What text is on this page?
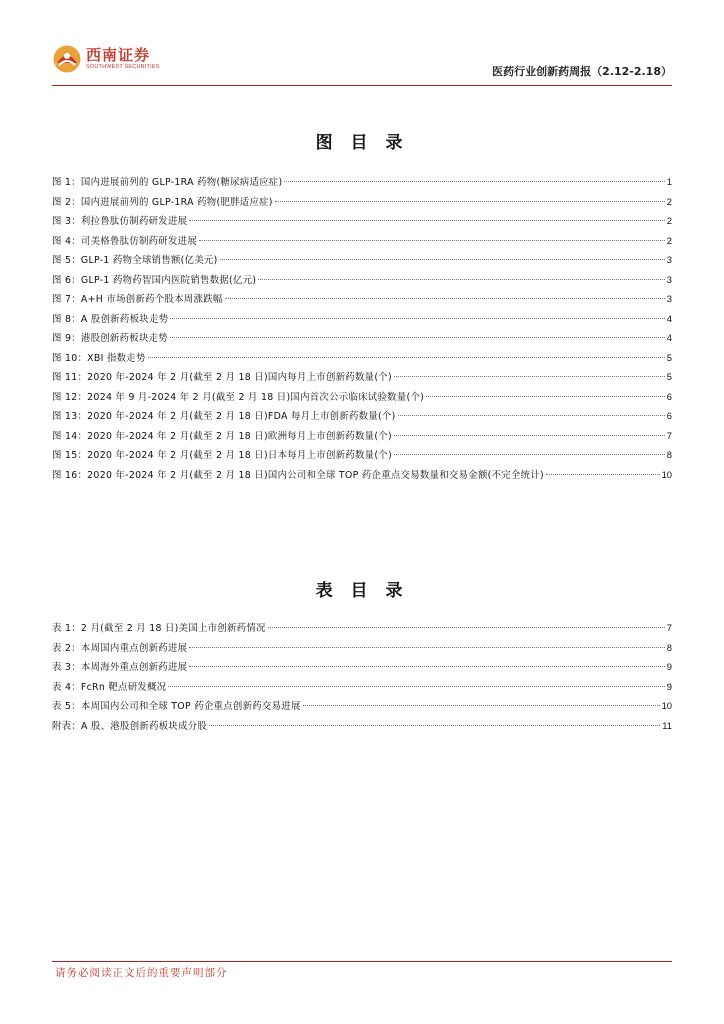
西南证券
SOUTHWEST SECURITIES	医药行业创新药周报（2.12-2.18）
图 目 录
图 1：国内进展前列的 GLP-1RA 药物(糖尿病适应症)	1
图 2：国内进展前列的 GLP-1RA 药物(肥胖适应症)	2
图 3：利拉鲁肽仿制药研发进展	2
图 4：司美格鲁肽仿制药研发进展	2
图 5：GLP-1 药物全球销售额(亿美元)	3
图 6：GLP-1 药物药智国内医院销售数据(亿元)	3
图 7：A+H 市场创新药个股本周涨跌幅	3
图 8：A 股创新药板块走势	4
图 9：港股创新药板块走势	4
图 10：XBI 指数走势	5
图 11：2020 年-2024 年 2 月(截至 2 月 18 日)国内每月上市创新药数量(个)	5
图 12：2024 年 9 月-2024 年 2 月(截至 2 月 18 日)国内首次公示临床试验数量(个)	6
图 13：2020 年-2024 年 2 月(截至 2 月 18 日)FDA 每月上市创新药数量(个)	6
图 14：2020 年-2024 年 2 月(截至 2 月 18 日)欧洲每月上市创新药数量(个)	7
图 15：2020 年-2024 年 2 月(截至 2 月 18 日)日本每月上市创新药数量(个)	8
图 16：2020 年-2024 年 2 月(截至 2 月 18 日)国内公司和全球 TOP 药企重点交易数量和交易金额(不完全统计)	10
表 目 录
表 1：2 月(截至 2 月 18 日)美国上市创新药情况	7
表 2：本周国内重点创新药进展	8
表 3：本周海外重点创新药进展	9
表 4：FcRn 靶点研发概况	9
表 5：本周国内公司和全球 TOP 药企重点创新药交易进展	10
附表：A 股、港股创新药板块成分股	11
请务必阅读正文后的重要声明部分
